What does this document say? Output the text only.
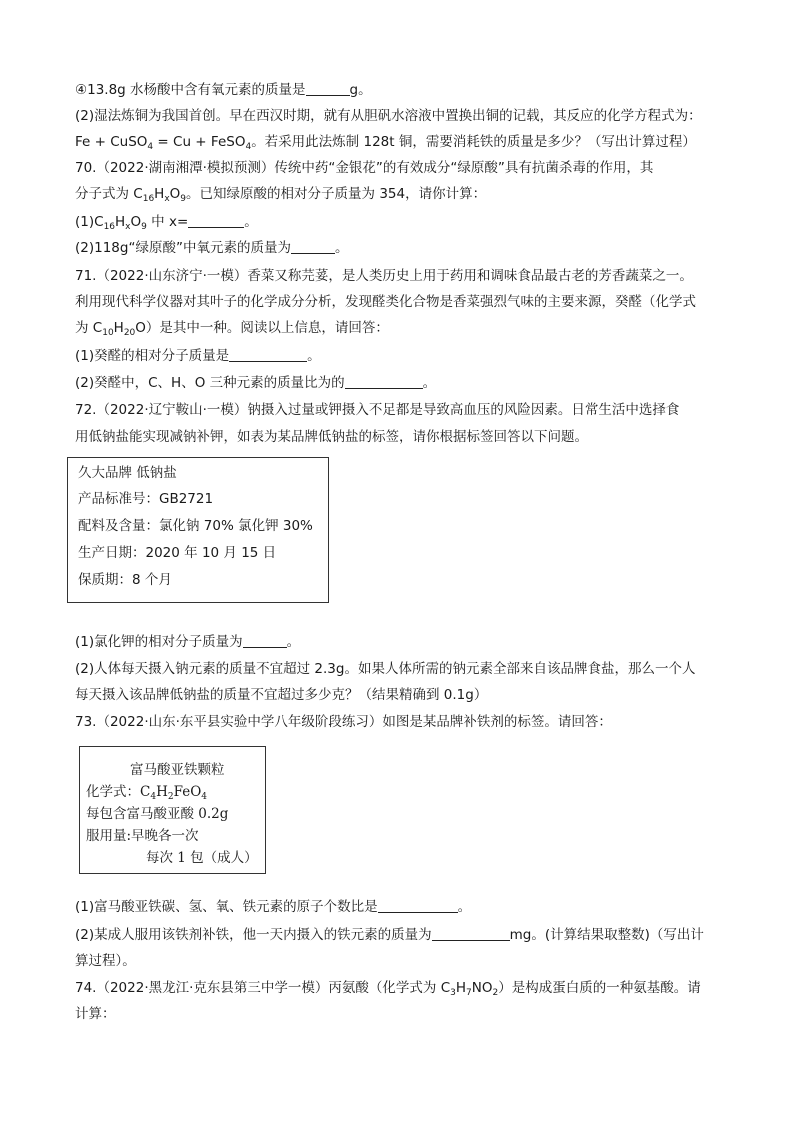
④13.8g 水杨酸中含有氧元素的质量是	g。
(2)湿法炼铜为我国首创。早在西汉时期，就有从胆矾水溶液中置换出铜的记载，其反应的化学方程式为：
Fe + CuSO$_4$ = Cu + FeSO$_4$。若采用此法炼制 128t 铜，需要消耗铁的质量是多少？（写出计算过程）
70.（2022·湖南湘潭·模拟预测）传统中药“金银花”的有效成分“绿原酸”具有抗菌杀毒的作用，其
分子式为 $C_{16}H_xO_9$。已知绿原酸的相对分子质量为 354，请你计算：
$(1)C_{16}H_xO_9$ 中 x=	。
(2)118g“绿原酸”中氧元素的质量为	。
71.（2022·山东济宁·一模）香菜又称芫荽，是人类历史上用于药用和调味食品最古老的芳香蔬菜之一。
利用现代科学仪器对其叶子的化学成分分析，发现醛类化合物是香菜强烈气味的主要来源，癸醛（化学式
为 $C_{10}H_{20}O$）是其中一种。阅读以上信息，请回答：
(1)癸醛的相对分子质量是	。
(2)癸醛中，C、H、O 三种元素的质量比为的	。
72.（2022·辽宁鞍山·一模）钠摄入过量或钾摄入不足都是导致高血压的风险因素。日常生活中选择食
用低钠盐能实现减钠补钾，如表为某品牌低钠盐的标签，请你根据标签回答以下问题。
久大品牌 低钠盐
产品标准号：GB2721
配料及含量：氯化钠 70% 氯化钾 30%
生产日期：2020 年 10 月 15 日
保质期：8 个月
(1)氯化钾的相对分子质量为	。
(2)人体每天摄入钠元素的质量不宜超过 2.3g。如果人体所需的钠元素全部来自该品牌食盐，那么一个人
每天摄入该品牌低钠盐的质量不宜超过多少克？（结果精确到 0.1g）
73.（2022·山东·东平县实验中学八年级阶段练习）如图是某品牌补铁剂的标签。请回答：
富马酸亚铁颗粒
化学式：$C_4H_2FeO_4$
每包含富马酸亚酸 0.2g
服用量:早晚各一次
每次 1 包（成人）
(1)富马酸亚铁碳、氢、氧、铁元素的原子个数比是	。
(2)某成人服用该铁剂补铁，他一天内摄入的铁元素的质量为	mg。(计算结果取整数)（写出计
算过程）。
74.（2022·黑龙江·克东县第三中学一模）丙氨酸（化学式为 $C_3H_7NO_2$）是构成蛋白质的一种氨基酸。请
计算：
